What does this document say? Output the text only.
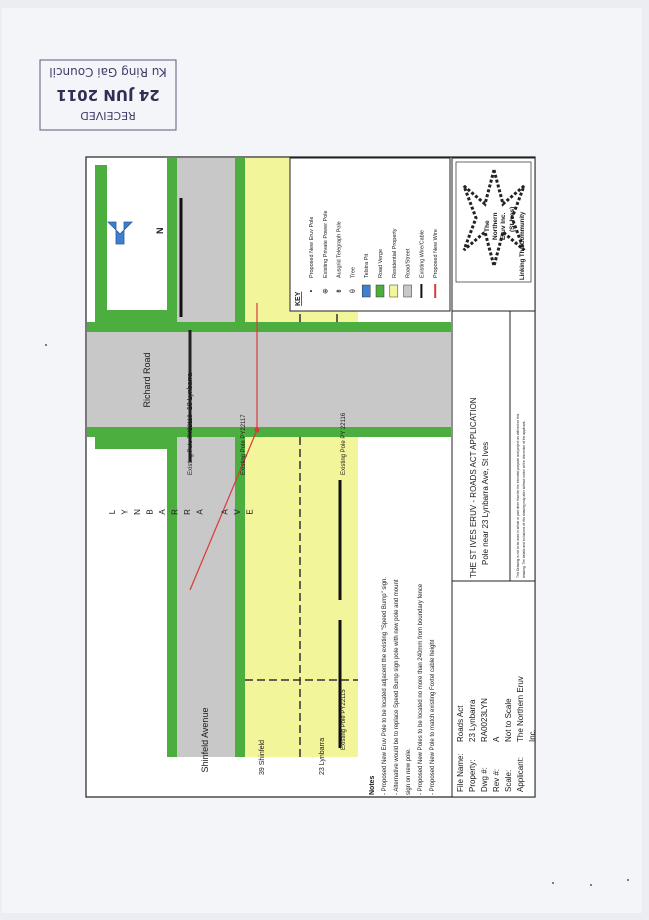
RECEIVED
24 JUN 2011
Ku Ring Gai Council
Richard Road
Shinfeld Avenue
18 Lynbarra
39 Shinfeld	23 Lynbarra
Existing Pole PY22118	Existing Pole PY22117	Existing Pole PY 22116
Existing Pole PY22115
L Y N B A R R A A V E
N
•
Proposed New Eruv Pole
⊕
Existing Private Power Pole
⇟
Ausgrid Telegraph Pole
θ
Tree Telstra Pit Road Verge Residential Property Road/Street Existing Wire/Cable Proposed New Wire
KEY
The Northern Eruv Inc. (St Ives) Linking The Community
THE ST IVES ERUV - ROADS ACT APPLICATION Pole near 23 Lynbarra Ave, St Ives	This Drawing is not to be used in whole or part other than for the intended purpose and project as defined on this drawing. The details and inclusions of this drawing may alter without notice at the discretion of the applicant.
- Proposed New Eruv Pole to be located adjacent the existing "Speed Bump" sign. - Alternative would be to replace Speed Bump sign pole with new pole and mount sign on new pole. - Proposed New Poles to be located no more than 240mm from boundary fence - Proposed New Pole to match existing Foxtel cable height
Notes	File Name:
Roads Act
Property:
23 Lynbarra
Dwg #:
RA0023LYN
Rev #:
A
Scale:
Not to Scale
Applicant:
The Northern Eruv Inc.
